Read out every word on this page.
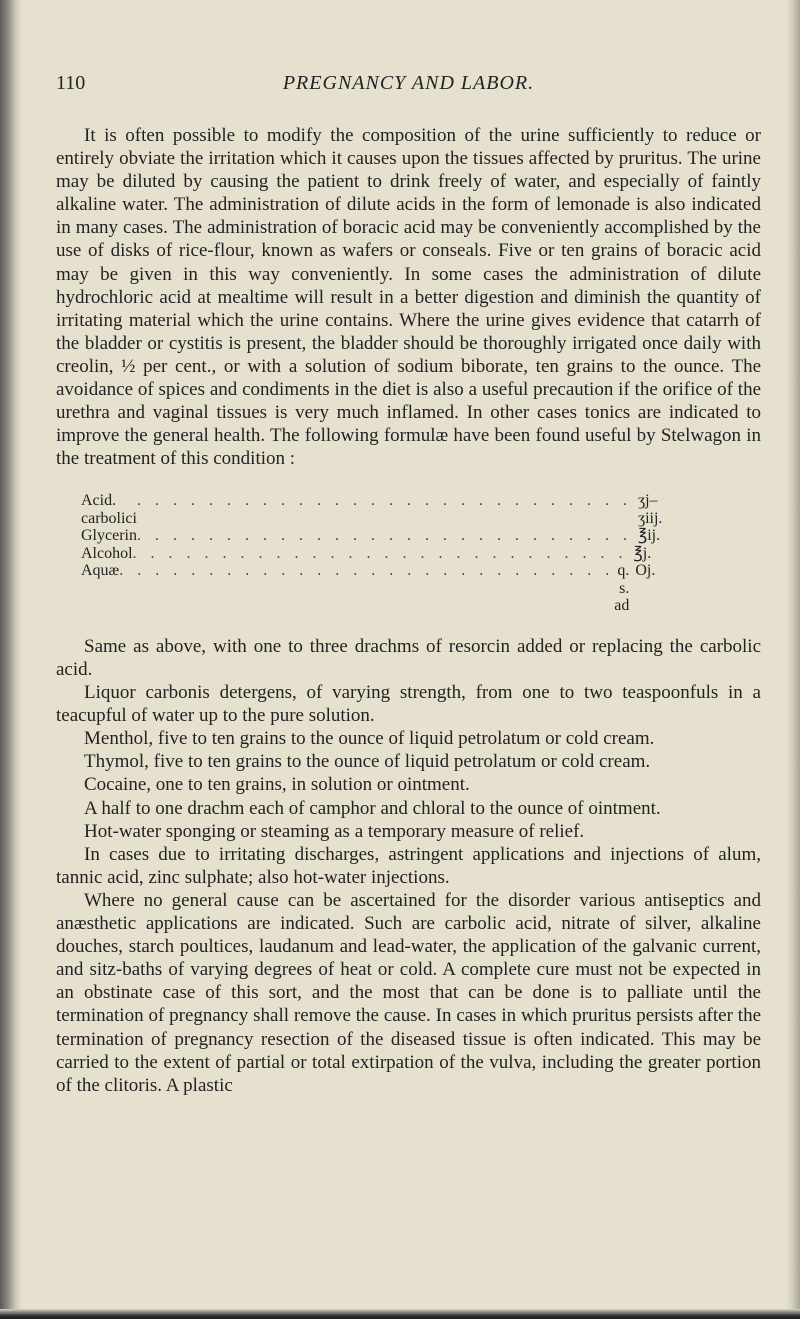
110	PREGNANCY AND LABOR.

It is often possible to modify the composition of the urine sufficiently to reduce or entirely obviate the irritation which it causes upon the tissues affected by pruritus. The urine may be diluted by causing the patient to drink freely of water, and especially of faintly alkaline water. The administration of dilute acids in the form of lemonade is also indicated in many cases. The administration of boracic acid may be conveniently accomplished by the use of disks of rice-flour, known as wafers or conseals. Five or ten grains of boracic acid may be given in this way conveniently. In some cases the administration of dilute hydrochloric acid at mealtime will result in a better digestion and diminish the quantity of irritating material which the urine contains. Where the urine gives evidence that catarrh of the bladder or cystitis is present, the bladder should be thoroughly irrigated once daily with creolin, ½ per cent., or with a solution of sodium biborate, ten grains to the ounce. The avoidance of spices and condiments in the diet is also a useful precaution if the orifice of the urethra and vaginal tissues is very much inflamed. In other cases tonics are indicated to improve the general health. The following formulæ have been found useful by Stelwagon in the treatment of this condition :

Acid. carbolici
. . . . . . . . . . . . . . . . . . . . . . . . . . . . ʒj–ʒiij.
Glycerin . . . . . . . . . . . . . . . . . . . . . . . . . . . . ℥ij.
Alcohol . . . . . . . . . . . . . . . . . . . . . . . . . . . . ℥j.
Aquæ . . . . . . . . . . . . . . . . . . . . . . . . . . . . q. s. ad
Oj.

Same as above, with one to three drachms of resorcin added or replacing the carbolic acid.

Liquor carbonis detergens, of varying strength, from one to two teaspoonfuls in a teacupful of water up to the pure solution.

Menthol, five to ten grains to the ounce of liquid petrolatum or cold cream.

Thymol, five to ten grains to the ounce of liquid petrolatum or cold cream.

Cocaine, one to ten grains, in solution or ointment.

A half to one drachm each of camphor and chloral to the ounce of ointment.

Hot-water sponging or steaming as a temporary measure of relief.

In cases due to irritating discharges, astringent applications and injections of alum, tannic acid, zinc sulphate; also hot-water injections.

Where no general cause can be ascertained for the disorder various antiseptics and anæsthetic applications are indicated. Such are carbolic acid, nitrate of silver, alkaline douches, starch poultices, laudanum and lead-water, the application of the galvanic current, and sitz-baths of varying degrees of heat or cold. A complete cure must not be expected in an obstinate case of this sort, and the most that can be done is to palliate until the termination of pregnancy shall remove the cause. In cases in which pruritus persists after the termination of pregnancy resection of the diseased tissue is often indicated. This may be carried to the extent of partial or total extirpation of the vulva, including the greater portion of the clitoris. A plastic
